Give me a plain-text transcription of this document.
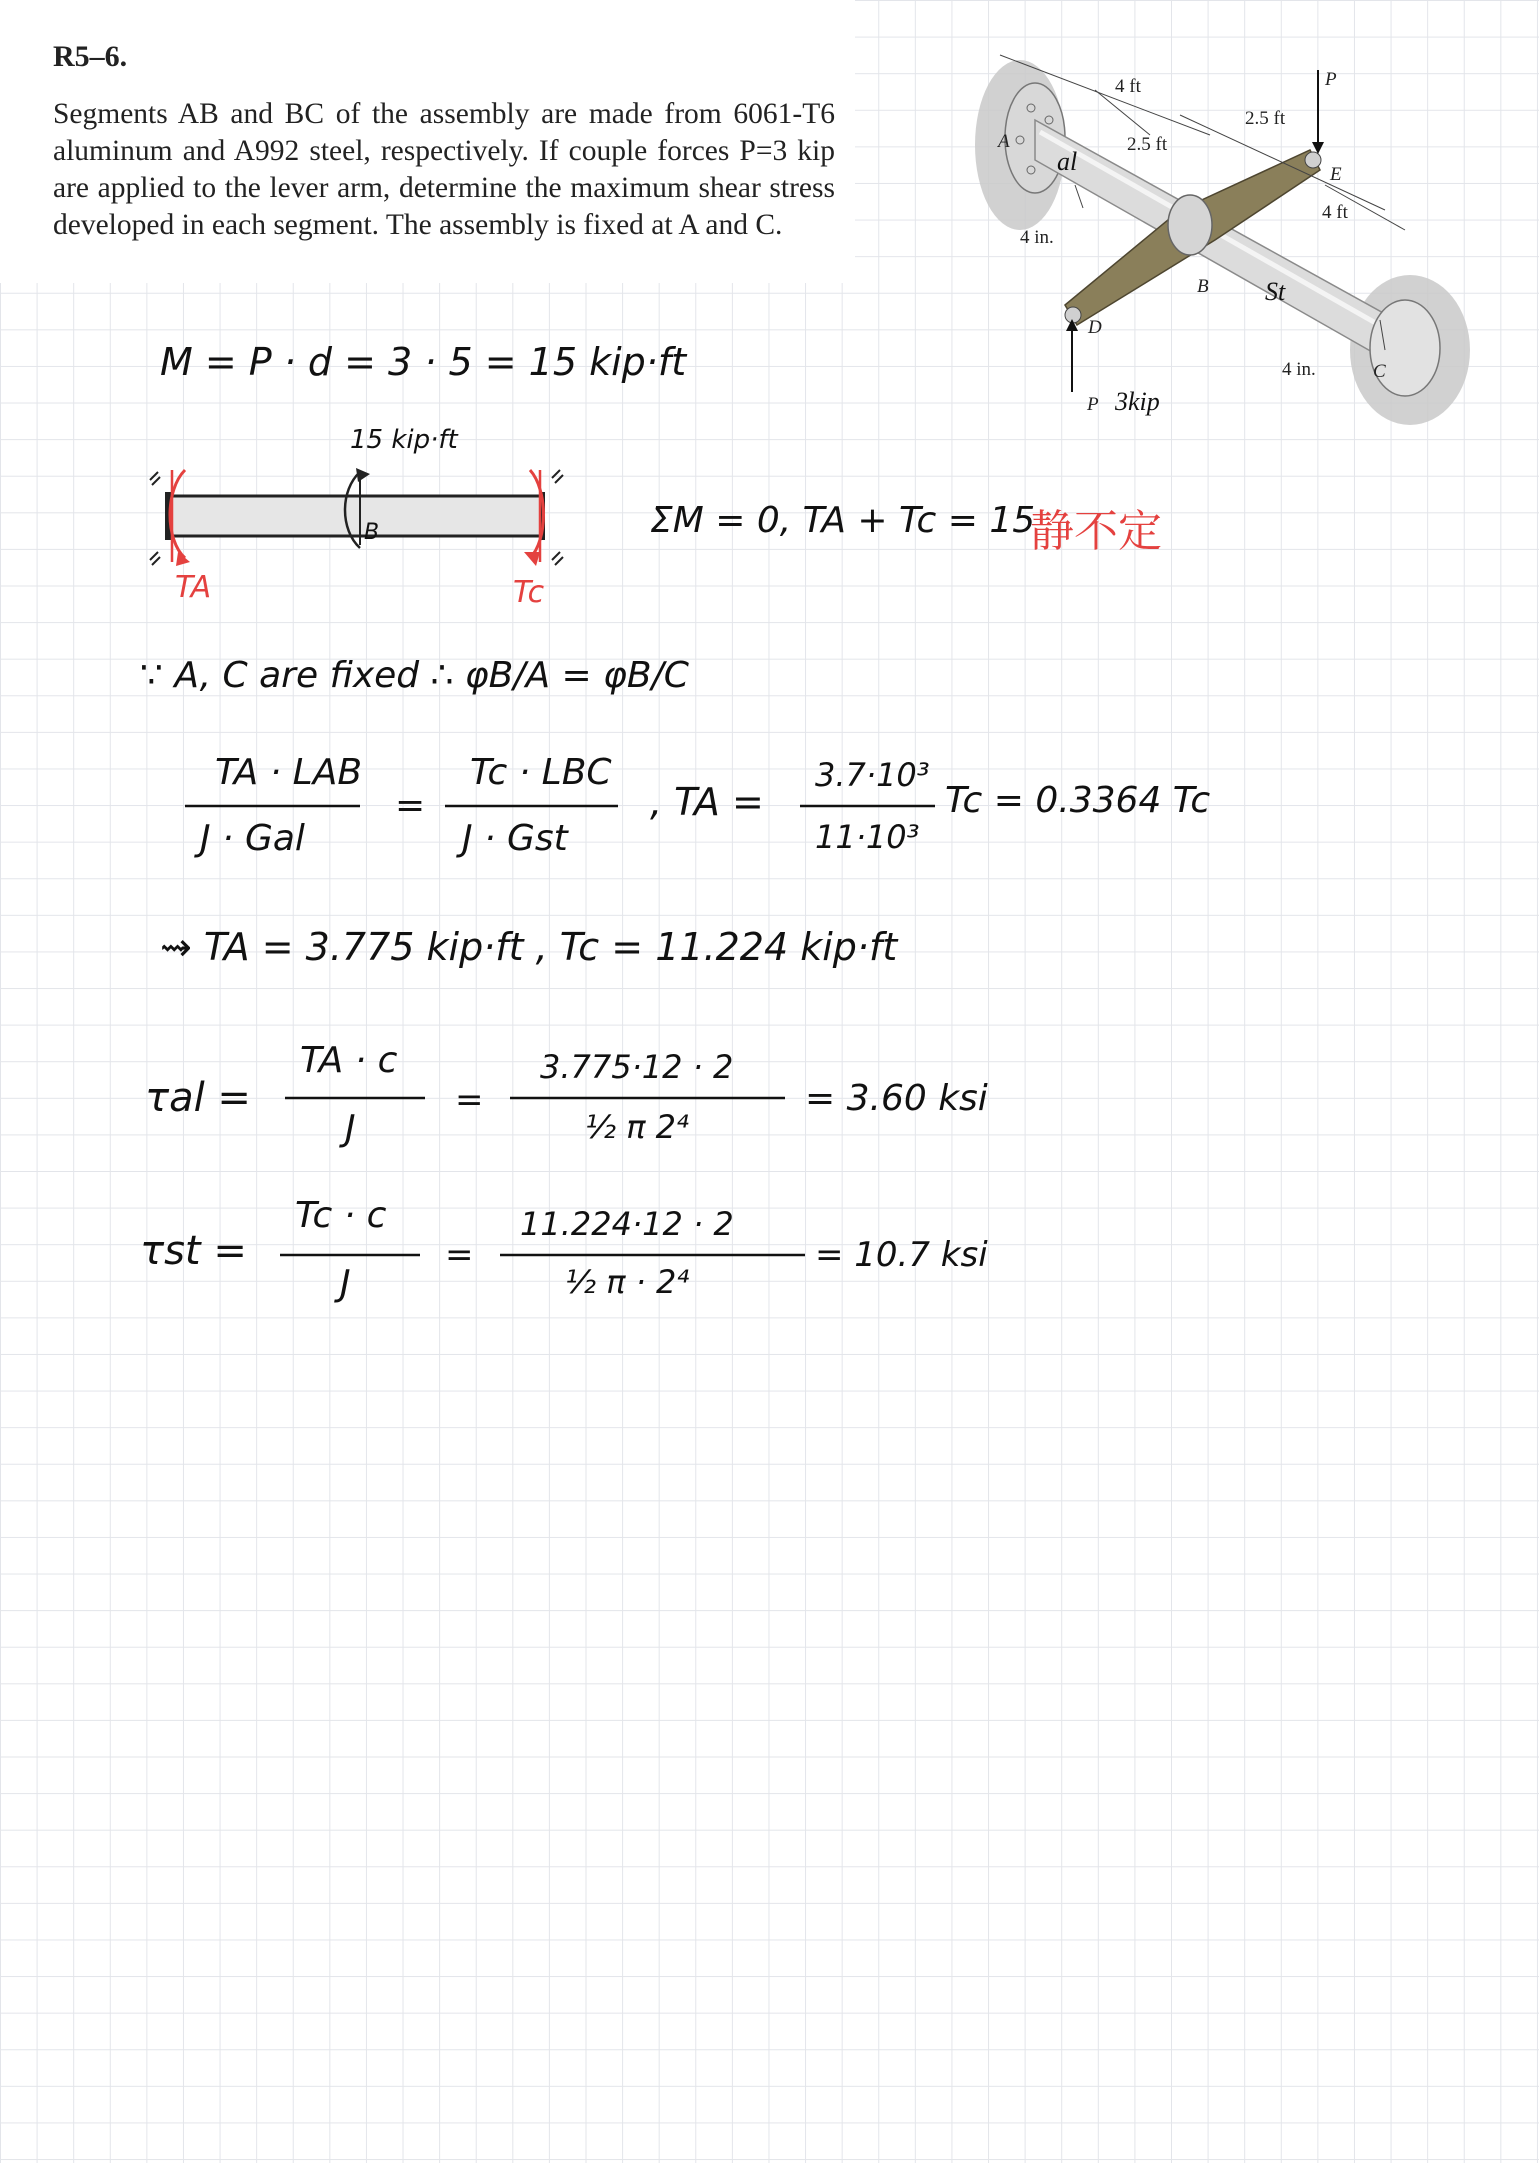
R5–6.
Segments AB and BC of the assembly are made from 6061-T6 aluminum and A992 steel, respectively. If couple forces P=3 kip are applied to the lever arm, determine the maximum shear stress developed in each segment. The assembly is fixed at A and C.
4 ft
2.5 ft
2.5 ft
4 ft
4 in.
4 in.
A
B
C
D
E
P
P
al
St
3kip
M = P · d = 3 · 5 = 15 kip·ft
15 kip·ft
B
TA	Tc
ΣM = 0, TA + Tc = 15
静不定
∵ A, C are fixed ∴ φB/A = φB/C
TA · LAB
J · Gal
=
Tc · LBC
J · Gst
, TA =
3.7·10³
11·10³
Tc = 0.3364 Tc
⇝ TA = 3.775 kip·ft , Tc = 11.224 kip·ft
τal =
TA · c
J
=
3.775·12 · 2
½ π 2⁴
= 3.60 ksi
τst =
Tc · c
J
=
11.224·12 · 2
½ π · 2⁴
= 10.7 ksi
